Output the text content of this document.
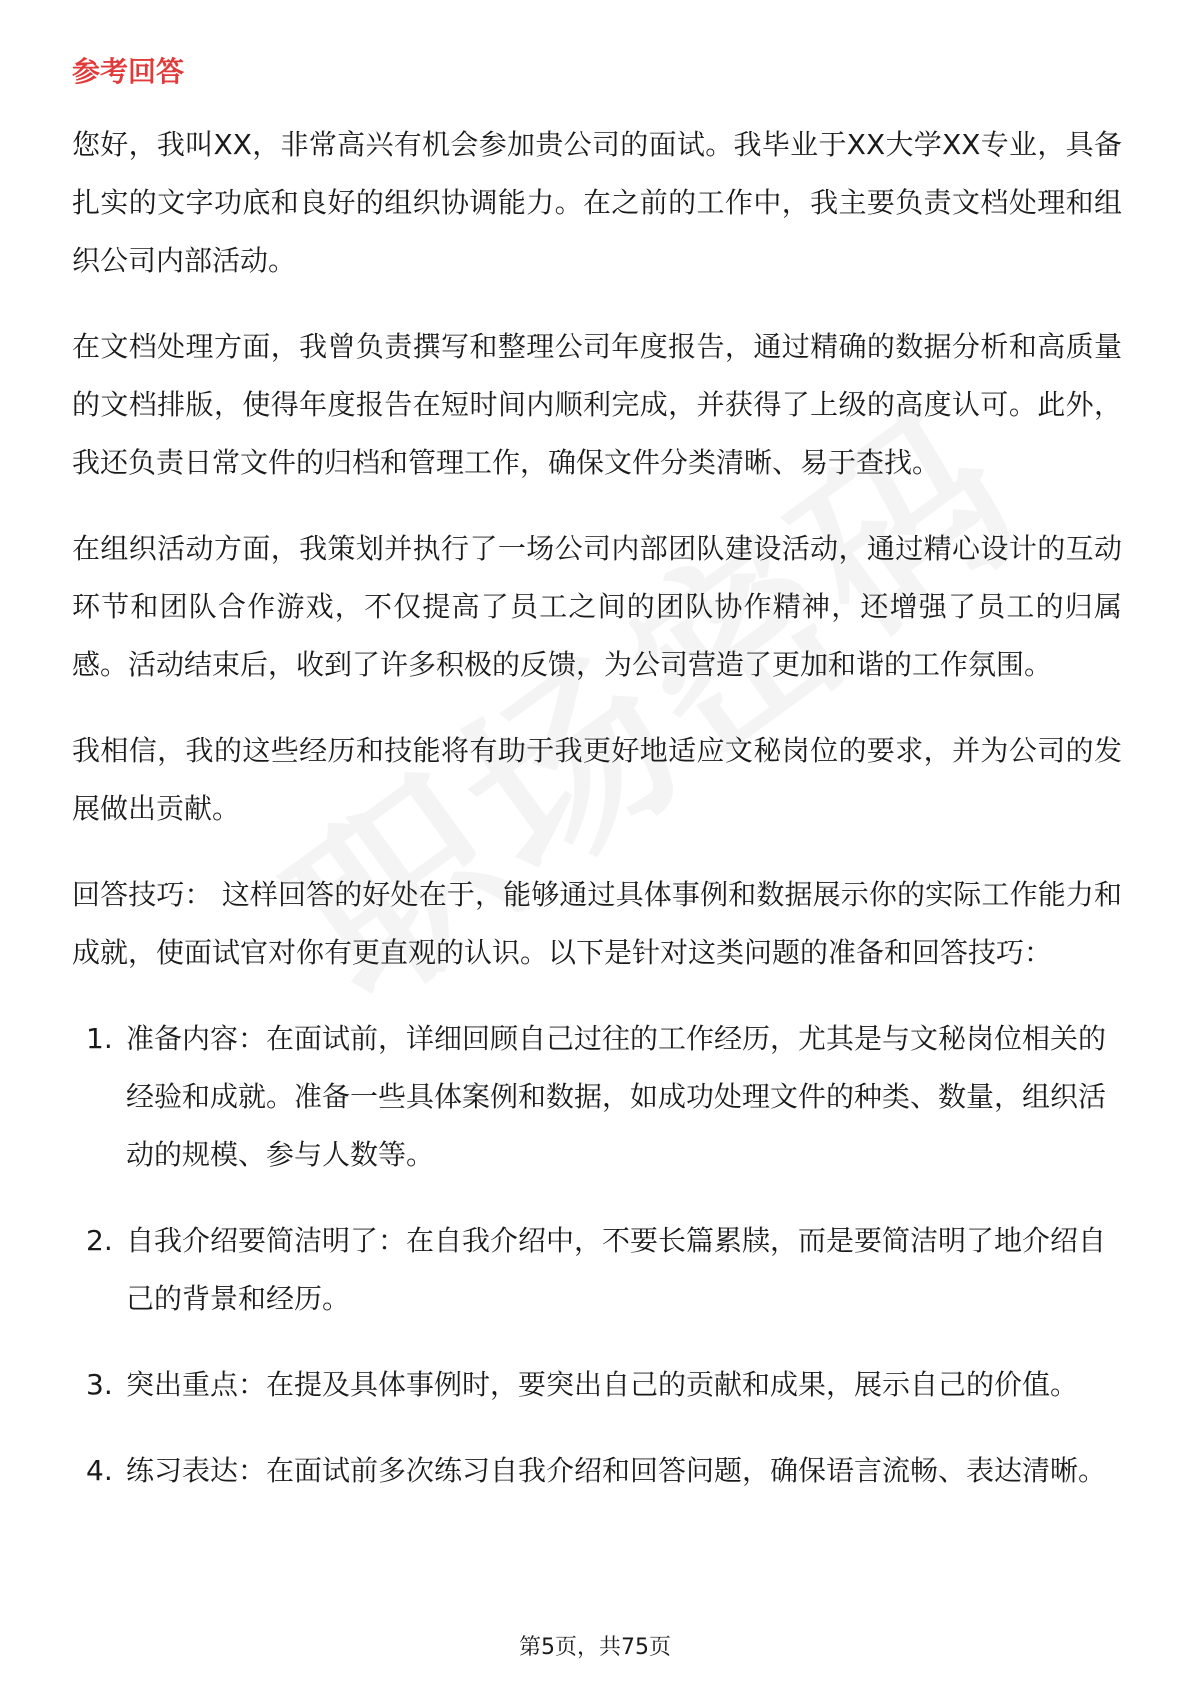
参考回答

您好，我叫XX，非常高兴有机会参加贵公司的面试。我毕业于XX大学XX专业，具备扎实的文字功底和良好的组织协调能力。在之前的工作中，我主要负责文档处理和组织公司内部活动。

在文档处理方面，我曾负责撰写和整理公司年度报告，通过精确的数据分析和高质量的文档排版，使得年度报告在短时间内顺利完成，并获得了上级的高度认可。此外，我还负责日常文件的归档和管理工作，确保文件分类清晰、易于查找。

在组织活动方面，我策划并执行了一场公司内部团队建设活动，通过精心设计的互动环节和团队合作游戏，不仅提高了员工之间的团队协作精神，还增强了员工的归属感。活动结束后，收到了许多积极的反馈，为公司营造了更加和谐的工作氛围。

我相信，我的这些经历和技能将有助于我更好地适应文秘岗位的要求，并为公司的发展做出贡献。

回答技巧： 这样回答的好处在于，能够通过具体事例和数据展示你的实际工作能力和成就，使面试官对你有更直观的认识。以下是针对这类问题的准备和回答技巧：

1. 准备内容：在面试前，详细回顾自己过往的工作经历，尤其是与文秘岗位相关的经验和成就。准备一些具体案例和数据，如成功处理文件的种类、数量，组织活动的规模、参与人数等。
2. 自我介绍要简洁明了：在自我介绍中，不要长篇累牍，而是要简洁明了地介绍自己的背景和经历。
3. 突出重点：在提及具体事例时，要突出自己的贡献和成果，展示自己的价值。
4. 练习表达：在面试前多次练习自我介绍和回答问题，确保语言流畅、表达清晰。
第5页，共75页
